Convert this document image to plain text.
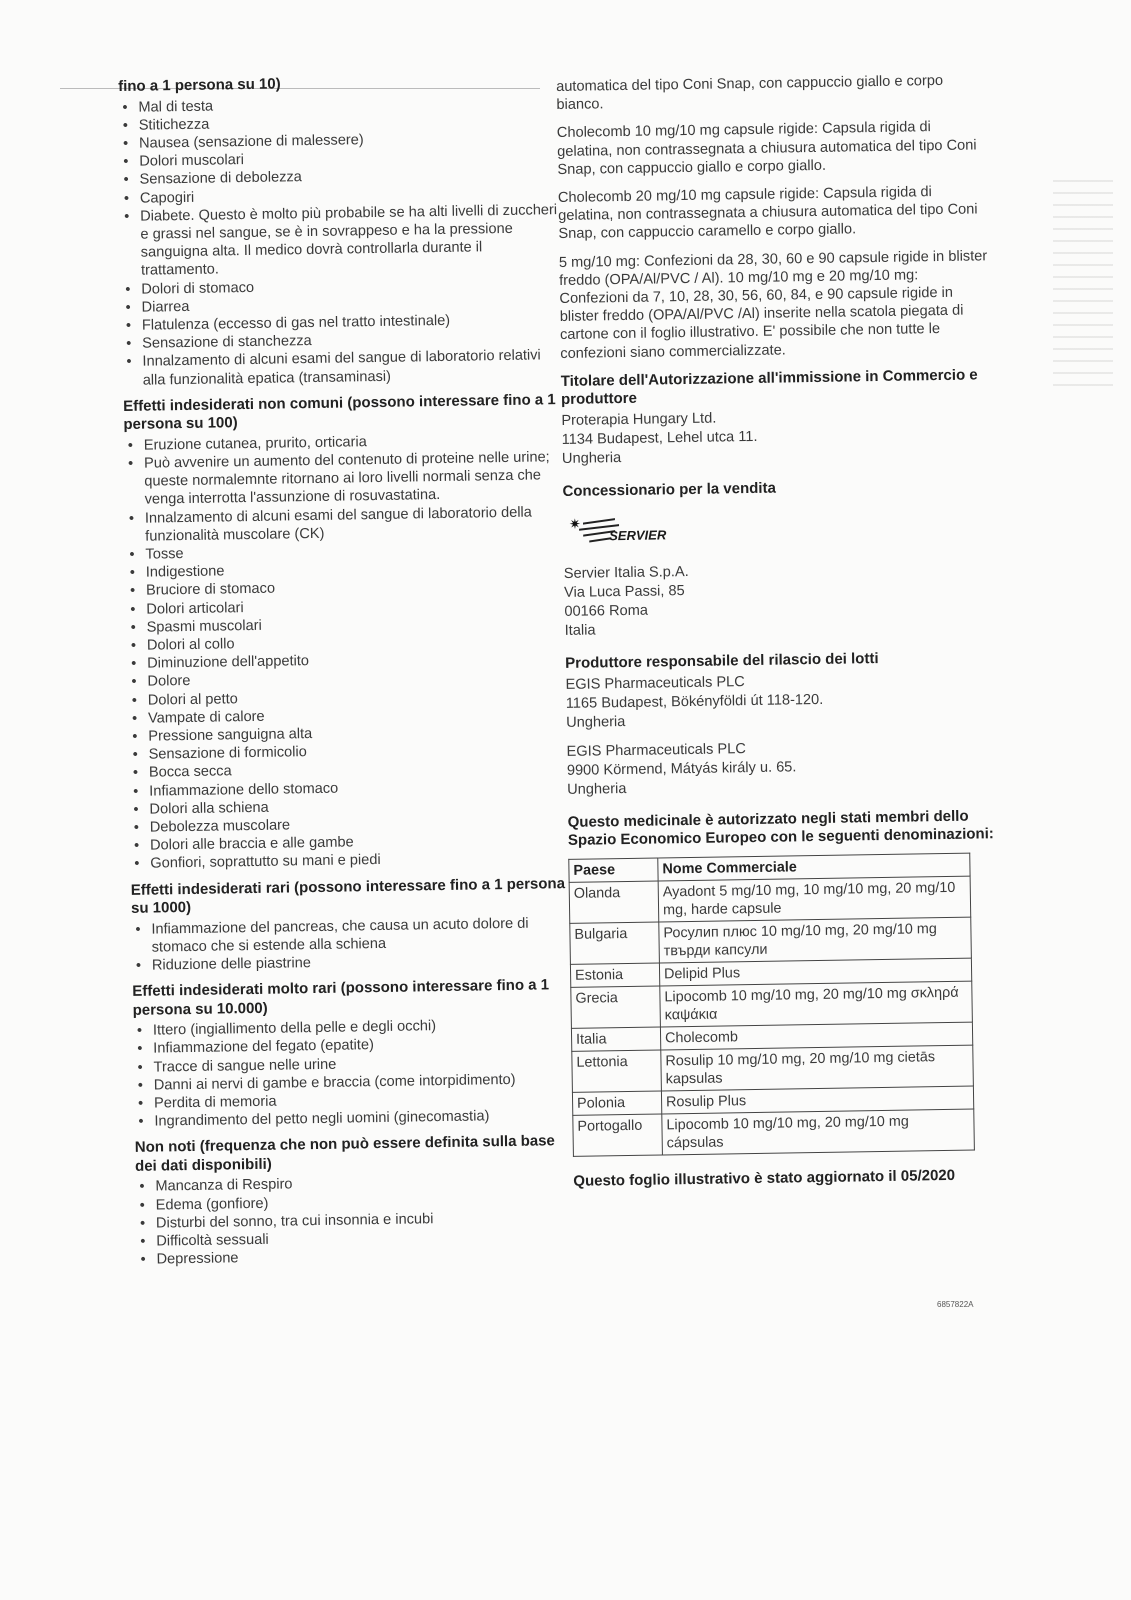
fino a 1 persona su 10)
• Mal di testa
• Stitichezza
• Nausea (sensazione di malessere)
• Dolori muscolari
• Sensazione di debolezza
• Capogiri
• Diabete. Questo è molto più probabile se ha alti livelli di zuccheri e grassi nel sangue, se è in sovrappeso e ha la pressione sanguigna alta. Il medico dovrà controllarla durante il trattamento.
• Dolori di stomaco
• Diarrea
• Flatulenza (eccesso di gas nel tratto intestinale)
• Sensazione di stanchezza
• Innalzamento di alcuni esami del sangue di laboratorio relativi alla funzionalità epatica (transaminasi)
Effetti indesiderati non comuni (possono interessare fino a 1 persona su 100)
• Eruzione cutanea, prurito, orticaria
• Può avvenire un aumento del contenuto di proteine nelle urine; queste normalemnte ritornano ai loro livelli normali senza che venga interrotta l'assunzione di rosuvastatina.
• Innalzamento di alcuni esami del sangue di laboratorio della funzionalità muscolare (CK)
• Tosse
• Indigestione
• Bruciore di stomaco
• Dolori articolari
• Spasmi muscolari
• Dolori al collo
• Diminuzione dell'appetito
• Dolore
• Dolori al petto
• Vampate di calore
• Pressione sanguigna alta
• Sensazione di formicolio
• Bocca secca
• Infiammazione dello stomaco
• Dolori alla schiena
• Debolezza muscolare
• Dolori alle braccia e alle gambe
• Gonfiori, soprattutto su mani e piedi
Effetti indesiderati rari (possono interessare fino a 1 persona su 1000)
• Infiammazione del pancreas, che causa un acuto dolore di stomaco che si estende alla schiena
• Riduzione delle piastrine
Effetti indesiderati molto rari (possono interessare fino a 1 persona su 10.000)
• Ittero (ingiallimento della pelle e degli occhi)
• Infiammazione del fegato (epatite)
• Tracce di sangue nelle urine
• Danni ai nervi di gambe e braccia (come intorpidimento)
• Perdita di memoria
• Ingrandimento del petto negli uomini (ginecomastia)
Non noti (frequenza che non può essere definita sulla base dei dati disponibili)
• Mancanza di Respiro
• Edema (gonfiore)
• Disturbi del sonno, tra cui insonnia e incubi
• Difficoltà sessuali
• Depressione

automatica del tipo Coni Snap, con cappuccio giallo e corpo bianco.

Cholecomb 10 mg/10 mg capsule rigide: Capsula rigida di gelatina, non contrassegnata a chiusura automatica del tipo Coni Snap, con cappuccio giallo e corpo giallo.

Cholecomb 20 mg/10 mg capsule rigide: Capsula rigida di gelatina, non contrassegnata a chiusura automatica del tipo Coni Snap, con cappuccio caramello e corpo giallo.

5 mg/10 mg: Confezioni da 28, 30, 60 e 90 capsule rigide in blister freddo (OPA/Al/PVC / Al). 10 mg/10 mg e 20 mg/10 mg: Confezioni da 7, 10, 28, 30, 56, 60, 84, e 90 capsule rigide in blister freddo (OPA/Al/PVC /Al) inserite nella scatola piegata di cartone con il foglio illustrativo. E' possibile che non tutte le confezioni siano commercializzate.

Titolare dell'Autorizzazione all'immissione in Commercio e produttore
Proterapia Hungary Ltd.
1134 Budapest, Lehel utca 11.
Ungheria
Concessionario per la vendita
✷
SERVIER
Servier Italia S.p.A.
Via Luca Passi, 85
00166 Roma
Italia
Produttore responsabile del rilascio dei lotti
EGIS Pharmaceuticals PLC
1165 Budapest, Bökényföldi út 118-120.
Ungheria
EGIS Pharmaceuticals PLC
9900 Körmend, Mátyás király u. 65.
Ungheria
Questo medicinale è autorizzato negli stati membri dello Spazio Economico Europeo con le seguenti denominazioni:
Paese	Nome Commerciale
Olanda	Ayadont 5 mg/10 mg, 10 mg/10 mg, 20 mg/10 mg, harde capsule
Bulgaria	Росулип плюс 10 mg/10 mg, 20 mg/10 mg твърди капсули
Estonia	Delipid Plus
Grecia	Lipocomb 10 mg/10 mg, 20 mg/10 mg σκληρά καψάκια
Italia	Cholecomb
Lettonia	Rosulip 10 mg/10 mg, 20 mg/10 mg cietās kapsulas
Polonia	Rosulip Plus
Portogallo	Lipocomb 10 mg/10 mg, 20 mg/10 mg cápsulas
Questo foglio illustrativo è stato aggiornato il 05/2020
6857822A
